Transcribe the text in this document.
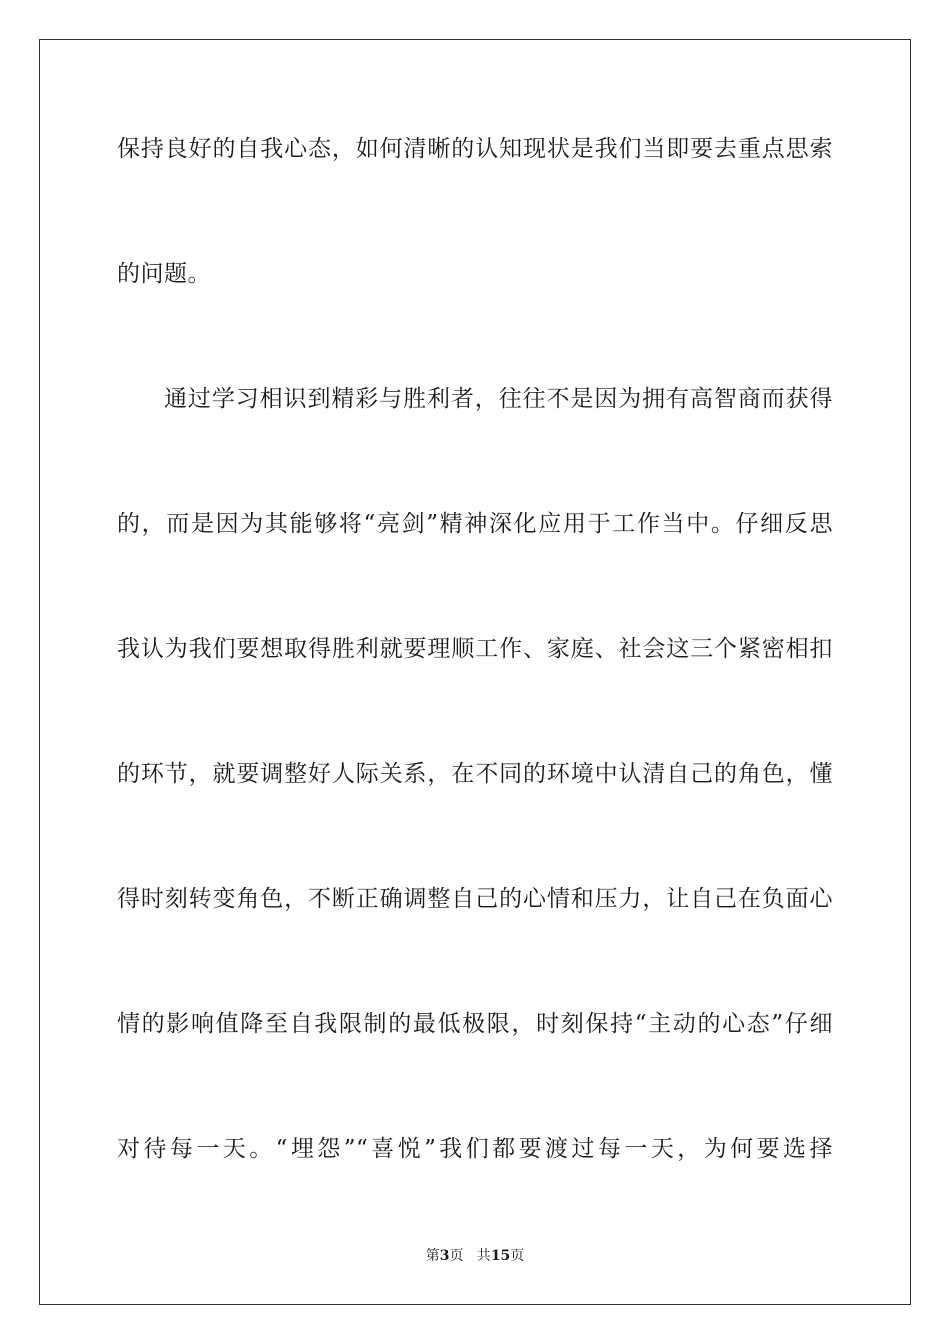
保持良好的自我心态，如何清晰的认知现状是我们当即要去重点思索
的问题。
通过学习相识到精彩与胜利者，往往不是因为拥有高智商而获得
的，而是因为其能够将“亮剑”精神深化应用于工作当中。仔细反思
我认为我们要想取得胜利就要理顺工作、家庭、社会这三个紧密相扣
的环节，就要调整好人际关系，在不同的环境中认清自己的角色，懂
得时刻转变角色，不断正确调整自己的心情和压力，让自己在负面心
情的影响值降至自我限制的最低极限，时刻保持“主动的心态”仔细
对待每一天。“埋怨”“喜悦”我们都要渡过每一天，为何要选择
第3页   共15页
